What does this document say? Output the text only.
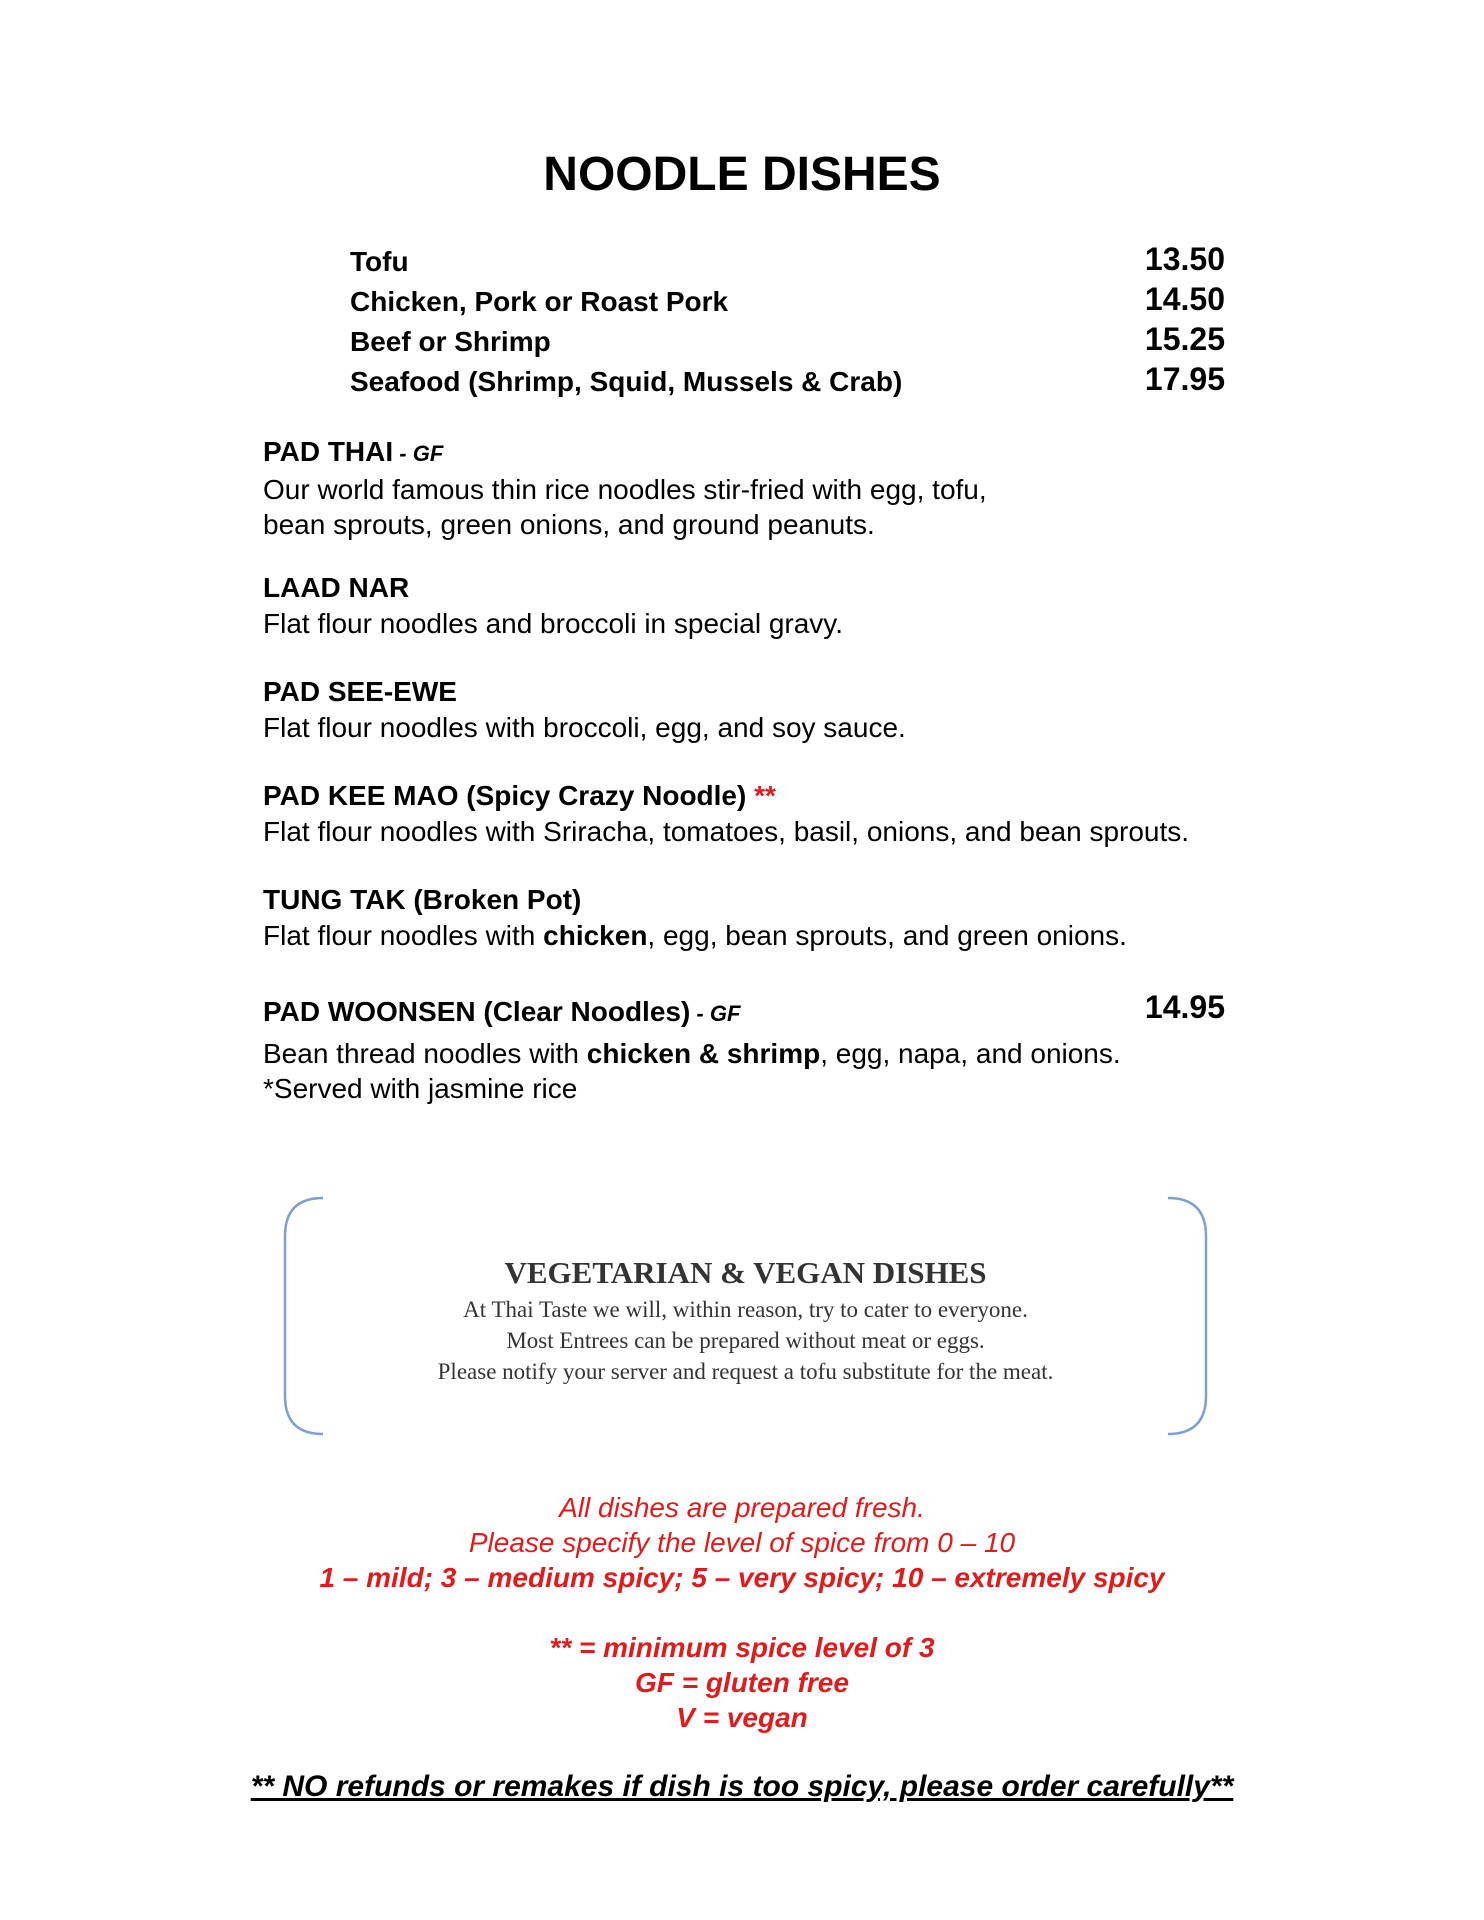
NOODLE DISHES
Tofu	13.50
Chicken, Pork or Roast Pork	14.50
Beef or Shrimp	15.25
Seafood (Shrimp, Squid, Mussels & Crab)	17.95
PAD THAI - GF
Our world famous thin rice noodles stir-fried with egg, tofu,
bean sprouts, green onions, and ground peanuts.
LAAD NAR
Flat flour noodles and broccoli in special gravy.
PAD SEE-EWE
Flat flour noodles with broccoli, egg, and soy sauce.
PAD KEE MAO (Spicy Crazy Noodle) **
Flat flour noodles with Sriracha, tomatoes, basil, onions, and bean sprouts.
TUNG TAK (Broken Pot)
Flat flour noodles with chicken, egg, bean sprouts, and green onions.
PAD WOONSEN (Clear Noodles) - GF	14.95
Bean thread noodles with chicken & shrimp, egg, napa, and onions.
*Served with jasmine rice
VEGETARIAN & VEGAN DISHES
At Thai Taste we will, within reason, try to cater to everyone.
Most Entrees can be prepared without meat or eggs.
Please notify your server and request a tofu substitute for the meat.
All dishes are prepared fresh.
Please specify the level of spice from 0 – 10
1 – mild; 3 – medium spicy; 5 – very spicy; 10 – extremely spicy
** = minimum spice level of 3
GF = gluten free
V = vegan
** NO refunds or remakes if dish is too spicy, please order carefully**
